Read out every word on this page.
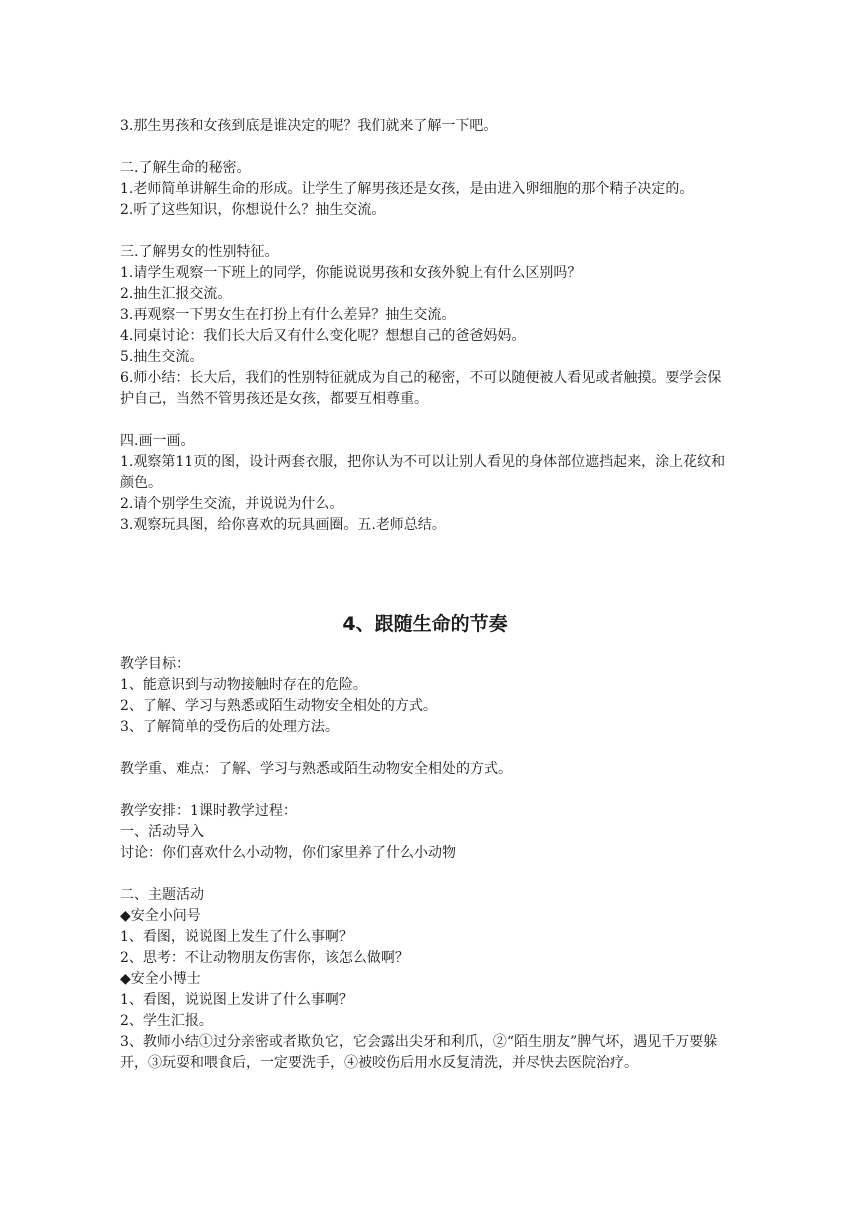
3.那生男孩和女孩到底是谁决定的呢？我们就来了解一下吧。
二.了解生命的秘密。
1.老师简单讲解生命的形成。让学生了解男孩还是女孩，是由进入卵细胞的那个精子决定的。
2.听了这些知识，你想说什么？抽生交流。
三.了解男女的性别特征。
1.请学生观察一下班上的同学，你能说说男孩和女孩外貌上有什么区别吗？
2.抽生汇报交流。
3.再观察一下男女生在打扮上有什么差异？抽生交流。
4.同桌讨论：我们长大后又有什么变化呢？想想自己的爸爸妈妈。
5.抽生交流。
6.师小结：长大后，我们的性别特征就成为自己的秘密，不可以随便被人看见或者触摸。要学会保护自己，当然不管男孩还是女孩，都要互相尊重。
四.画一画。
1.观察第11页的图，设计两套衣服，把你认为不可以让别人看见的身体部位遮挡起来，涂上花纹和颜色。
2.请个别学生交流，并说说为什么。
3.观察玩具图，给你喜欢的玩具画圈。五.老师总结。
4、跟随生命的节奏
教学目标：
1、能意识到与动物接触时存在的危险。
2、了解、学习与熟悉或陌生动物安全相处的方式。
3、了解简单的受伤后的处理方法。
教学重、难点：了解、学习与熟悉或陌生动物安全相处的方式。
教学安排：1课时教学过程：
一、活动导入
讨论：你们喜欢什么小动物，你们家里养了什么小动物
二、主题活动
◆安全小问号
1、看图，说说图上发生了什么事啊？
2、思考：不让动物朋友伤害你，该怎么做啊？
◆安全小博士
1、看图，说说图上发讲了什么事啊？
2、学生汇报。
3、教师小结①过分亲密或者欺负它，它会露出尖牙和利爪，②“陌生朋友”脾气坏，遇见千万要躲开，③玩耍和喂食后，一定要洗手，④被咬伤后用水反复清洗，并尽快去医院治疗。
